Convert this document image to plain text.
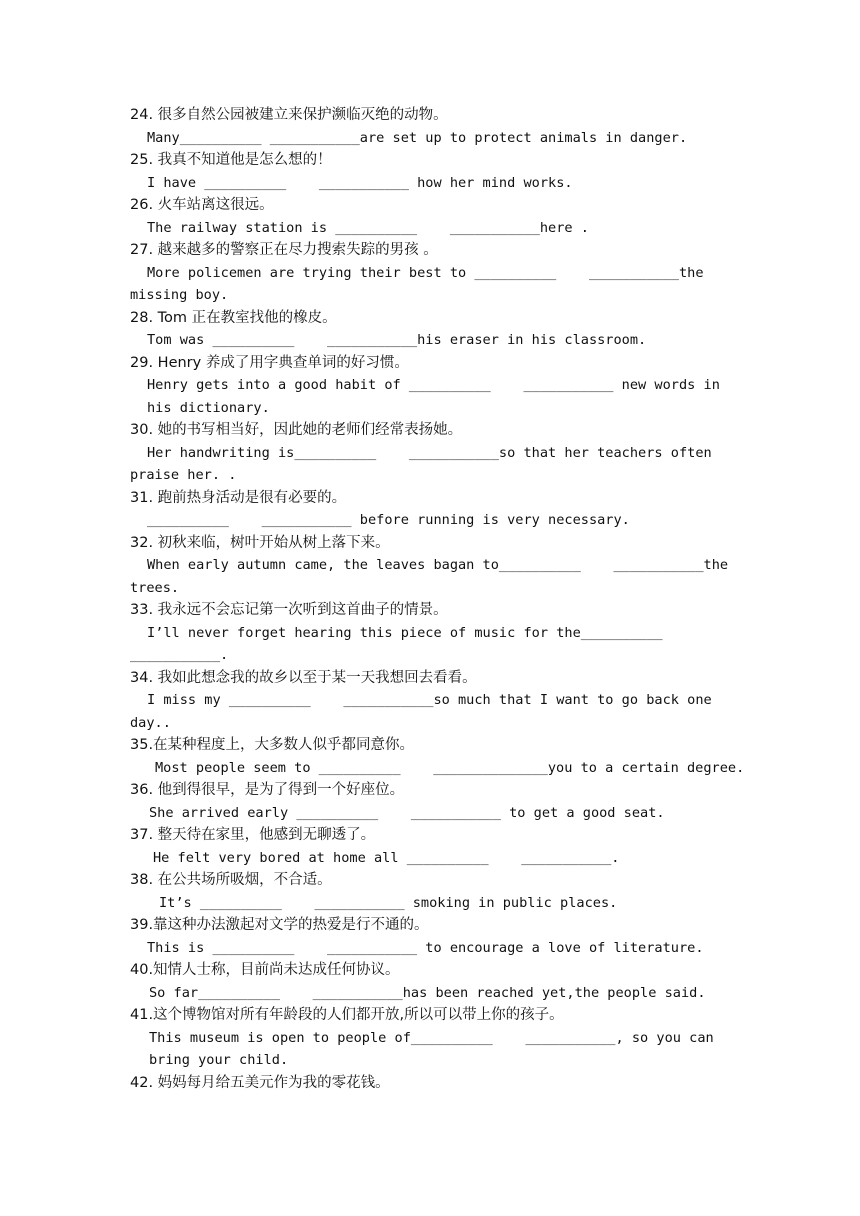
24. 很多自然公园被建立来保护濒临灭绝的动物。
Many__________ ___________are set up to protect animals in danger.
25. 我真不知道他是怎么想的！
I have __________    ___________ how her mind works.
26. 火车站离这很远。
The railway station is __________    ___________here .
27. 越来越多的警察正在尽力搜索失踪的男孩 。
More policemen are trying their best to __________    ___________the missing boy.
28. Tom 正在教室找他的橡皮。
Tom was __________    ___________his eraser in his classroom.
29. Henry 养成了用字典查单词的好习惯。
Henry gets into a good habit of __________    ___________ new words in his dictionary.
30. 她的书写相当好，因此她的老师们经常表扬她。
Her handwriting is__________    ___________so that her teachers often praise her. .
31. 跑前热身活动是很有必要的。
__________    ___________ before running is very necessary.
32. 初秋来临，树叶开始从树上落下来。
When early autumn came, the leaves bagan to__________    ___________the trees.
33. 我永远不会忘记第一次听到这首曲子的情景。
I’ll never forget hearing this piece of music for the__________ ___________.
34. 我如此想念我的故乡以至于某一天我想回去看看。
I miss my __________    ___________so much that I want to go back one day..
35.在某种程度上，大多数人似乎都同意你。
Most people seem to __________    ______________you to a certain degree.
36. 他到得很早，是为了得到一个好座位。
She arrived early __________    ___________ to get a good seat.
37. 整天待在家里，他感到无聊透了。
He felt very bored at home all __________    ___________.
38. 在公共场所吸烟，不合适。
It’s __________    ___________ smoking in public places.
39.靠这种办法激起对文学的热爱是行不通的。
This is __________    ___________ to encourage a love of literature.
40.知情人士称，目前尚未达成任何协议。
So far__________    ___________has been reached yet,the people said.
41.这个博物馆对所有年龄段的人们都开放,所以可以带上你的孩子。
This museum is open to people of__________    ___________, so you can bring your child.
42. 妈妈每月给五美元作为我的零花钱。
